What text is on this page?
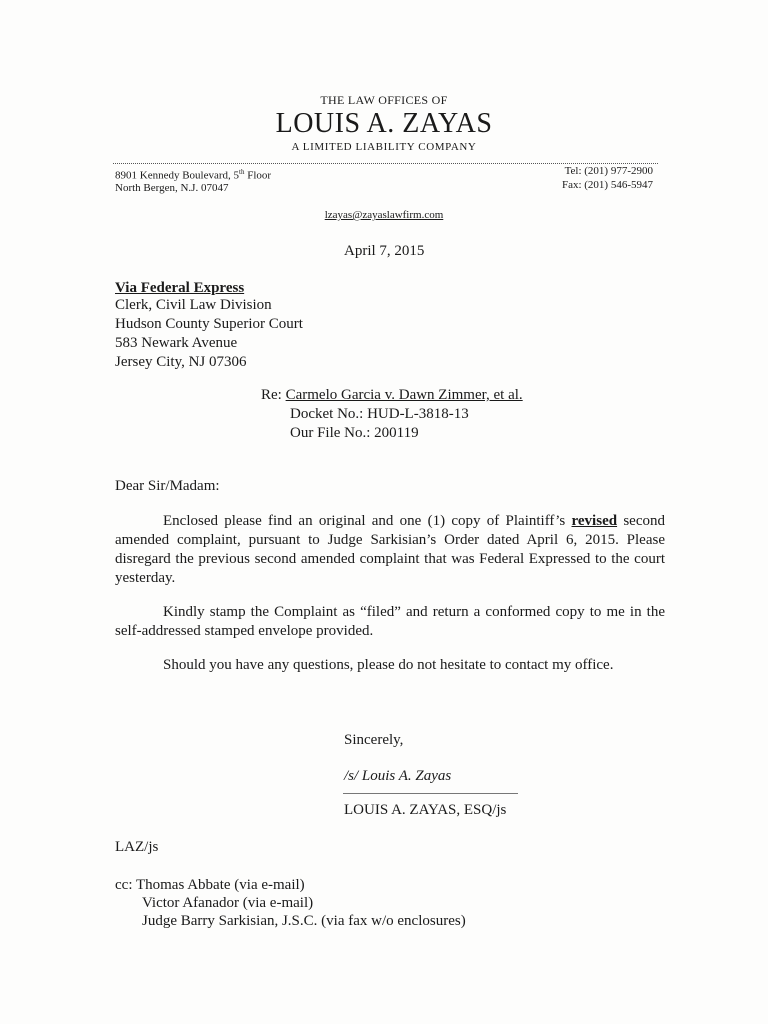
THE LAW OFFICES OF
LOUIS A. ZAYAS
A LIMITED LIABILITY COMPANY
8901 Kennedy Boulevard, 5th Floor
North Bergen, N.J. 07047
Tel: (201) 977-2900
Fax: (201) 546-5947
lzayas@zayaslawfirm.com
April 7, 2015
Via Federal Express
Clerk, Civil Law Division
Hudson County Superior Court
583 Newark Avenue
Jersey City, NJ 07306
Re: Carmelo Garcia v. Dawn Zimmer, et al.
Docket No.: HUD-L-3818-13
Our File No.: 200119
Dear Sir/Madam:
Enclosed please find an original and one (1) copy of Plaintiff’s revised second amended complaint, pursuant to Judge Sarkisian’s Order dated April 6, 2015. Please disregard the previous second amended complaint that was Federal Expressed to the court yesterday.
Kindly stamp the Complaint as “filed” and return a conformed copy to me in the self-addressed stamped envelope provided.
Should you have any questions, please do not hesitate to contact my office.
Sincerely,
/s/ Louis A. Zayas
LOUIS A. ZAYAS, ESQ/js
LAZ/js
cc: Thomas Abbate (via e-mail)
Victor Afanador (via e-mail)
Judge Barry Sarkisian, J.S.C. (via fax w/o enclosures)
